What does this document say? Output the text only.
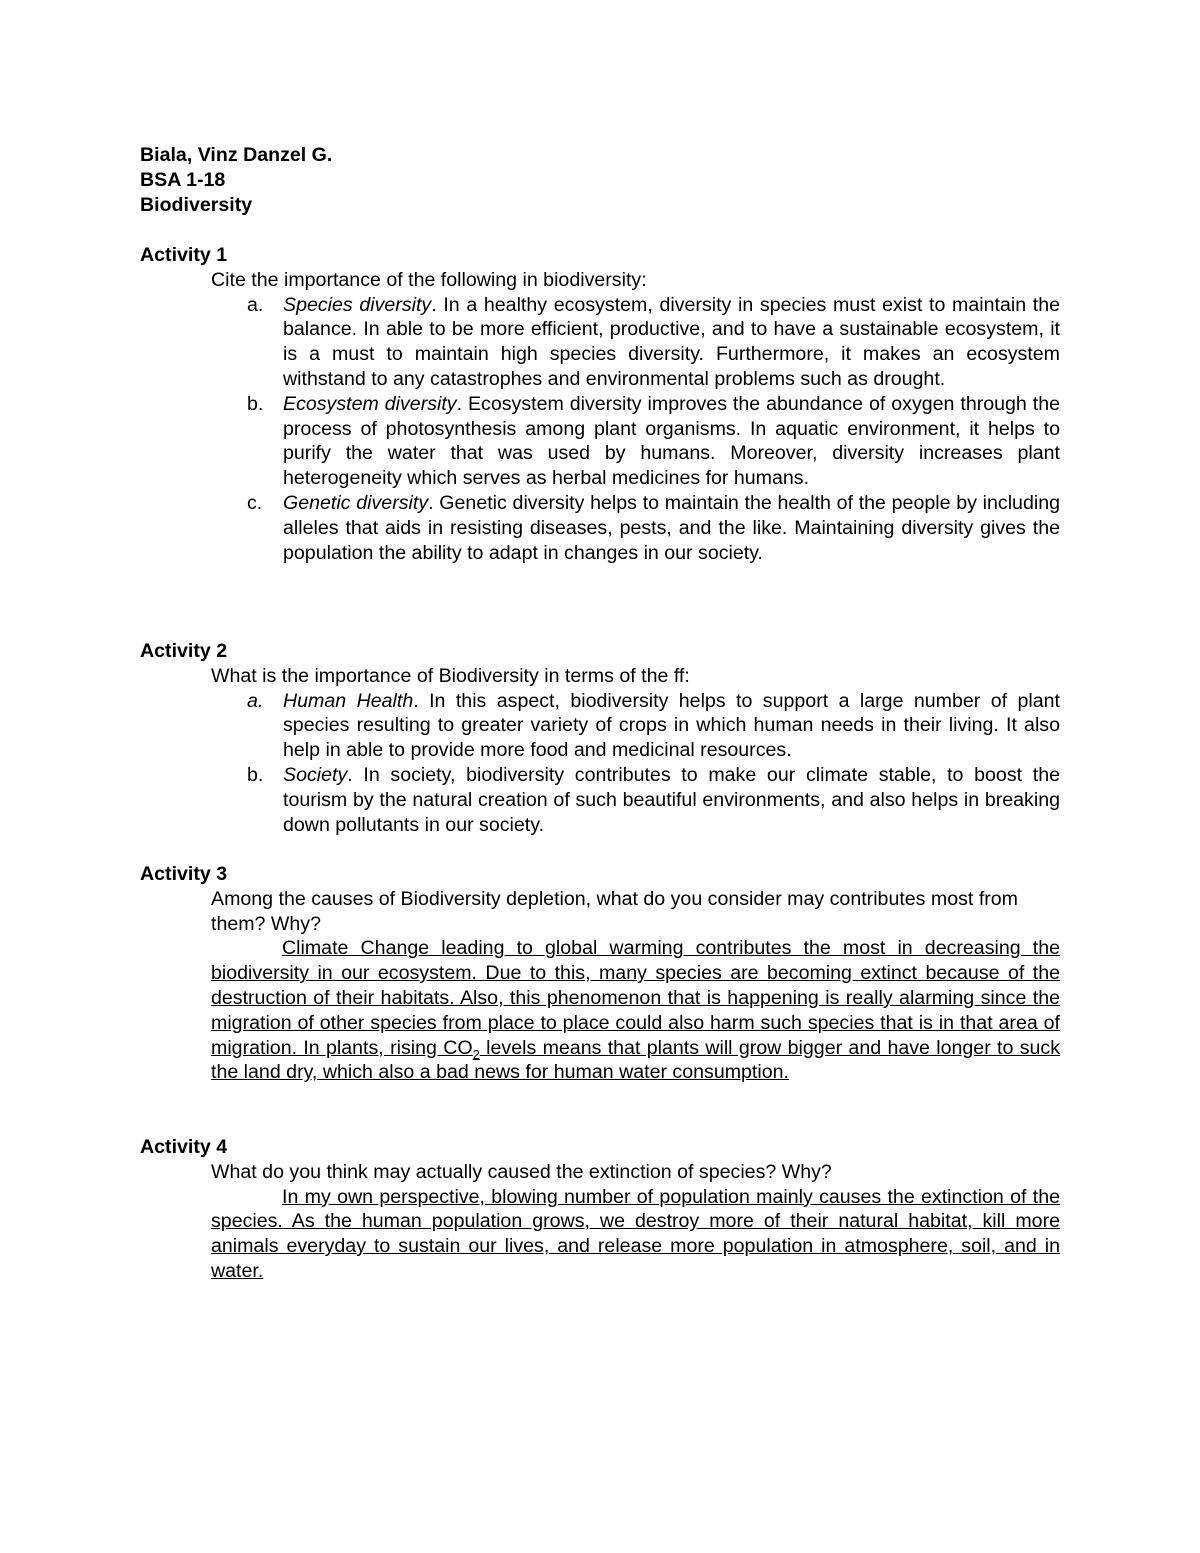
Biala, Vinz Danzel G.
BSA 1-18
Biodiversity
Activity 1
Cite the importance of the following in biodiversity:
a. Species diversity. In a healthy ecosystem, diversity in species must exist to maintain the balance. In able to be more efficient, productive, and to have a sustainable ecosystem, it is a must to maintain high species diversity. Furthermore, it makes an ecosystem withstand to any catastrophes and environmental problems such as drought.
b. Ecosystem diversity. Ecosystem diversity improves the abundance of oxygen through the process of photosynthesis among plant organisms. In aquatic environment, it helps to purify the water that was used by humans. Moreover, diversity increases plant heterogeneity which serves as herbal medicines for humans.
c. Genetic diversity. Genetic diversity helps to maintain the health of the people by including alleles that aids in resisting diseases, pests, and the like. Maintaining diversity gives the population the ability to adapt in changes in our society.
Activity 2
What is the importance of Biodiversity in terms of the ff:
a. Human Health. In this aspect, biodiversity helps to support a large number of plant species resulting to greater variety of crops in which human needs in their living. It also help in able to provide more food and medicinal resources.
b. Society. In society, biodiversity contributes to make our climate stable, to boost the tourism by the natural creation of such beautiful environments, and also helps in breaking down pollutants in our society.
Activity 3
Among the causes of Biodiversity depletion, what do you consider may contributes most from them? Why?
Climate Change leading to global warming contributes the most in decreasing the biodiversity in our ecosystem. Due to this, many species are becoming extinct because of the destruction of their habitats. Also, this phenomenon that is happening is really alarming since the migration of other species from place to place could also harm such species that is in that area of migration. In plants, rising $CO_2$ levels means that plants will grow bigger and have longer to suck the land dry, which also a bad news for human water consumption.
Activity 4
What do you think may actually caused the extinction of species? Why?
In my own perspective, blowing number of population mainly causes the extinction of the species. As the human population grows, we destroy more of their natural habitat, kill more animals everyday to sustain our lives, and release more population in atmosphere, soil, and in water.
